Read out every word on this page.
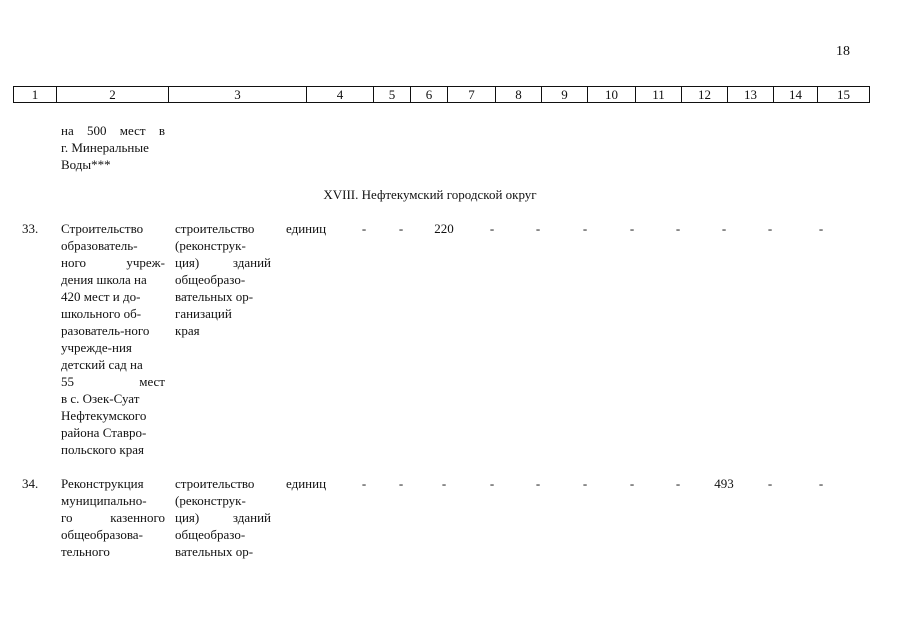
18
1	2	3	4	5	6	7	8	9	10	11	12	13	14	15
на 500 мест в
г. Минеральные
Воды***
XVIII. Нефтекумский городской округ
33. Строительство
образователь-
ного учреж-
дения школа на
420 мест и до-
школьного об-
разователь-ного
учрежде-ния
детский сад на
55 мест
в с. Озек-Суат
Нефтекумского
района Ставро-
польского края
строительство
(реконструк-
ция) зданий
общеобразо-
вательных ор-
ганизаций
края
единиц	-	-	220	-	-	-	-	-	-	-	-
34. Реконструкция
муниципально-
го казенного
общеобразова-
тельного
строительство
(реконструк-
ция) зданий
общеобразо-
вательных ор-
единиц	-	-	-	-	-	-	-	-	493	-	-
